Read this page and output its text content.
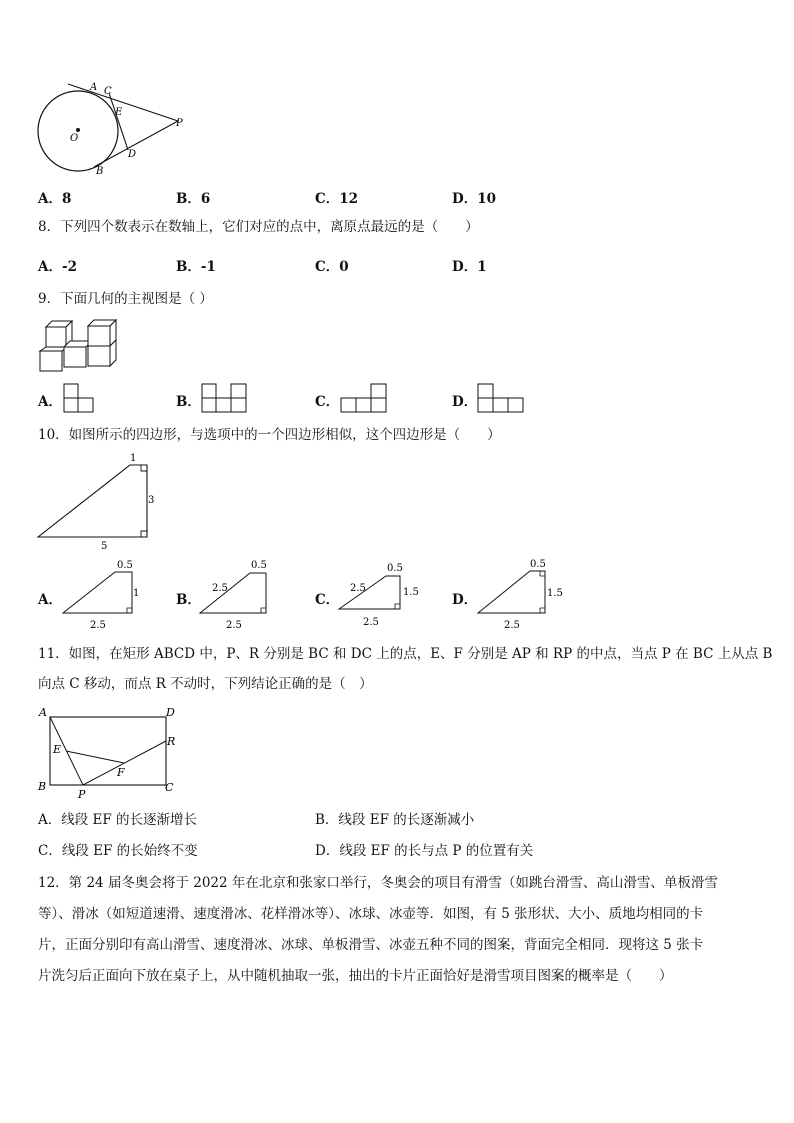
A C
E
P
O
D
B
A．8	B．6	C．12	D．10
8．下列四个数表示在数轴上，它们对应的点中，离原点最远的是（　　）
A．-2	B．-1	C．0	D．1
9．下面几何的主视图是（ ）
A．	B．	C．	D．
10．如图所示的四边形，与选项中的一个四边形相似，这个四边形是（　　）
1
3
5
A．
0.5
1
2.5
B．
0.5
2.5
2.5
C．
0.5
2.5	1.5
2.5
D．
0.5
1.5
2.5
11．如图，在矩形 ABCD 中，P、R 分别是 BC 和 DC 上的点，E、F 分别是 AP 和 RP 的中点，当点 P 在 BC 上从点 B
向点 C 移动，而点 R 不动时，下列结论正确的是（　）
A	D
E
R
F
B
P
C
A．线段 EF 的长逐渐增长	B．线段 EF 的长逐渐减小
C．线段 EF 的长始终不变	D．线段 EF 的长与点 P 的位置有关
12．第 24 届冬奥会将于 2022 年在北京和张家口举行，冬奥会的项目有滑雪（如跳台滑雪、高山滑雪、单板滑雪
等）、滑冰（如短道速滑、速度滑冰、花样滑冰等）、冰球、冰壶等．如图，有 5 张形状、大小、质地均相同的卡
片，正面分别印有高山滑雪、速度滑冰、冰球、单板滑雪、冰壶五种不同的图案，背面完全相同．现将这 5 张卡
片洗匀后正面向下放在桌子上，从中随机抽取一张，抽出的卡片正面恰好是滑雪项目图案的概率是（　　）
